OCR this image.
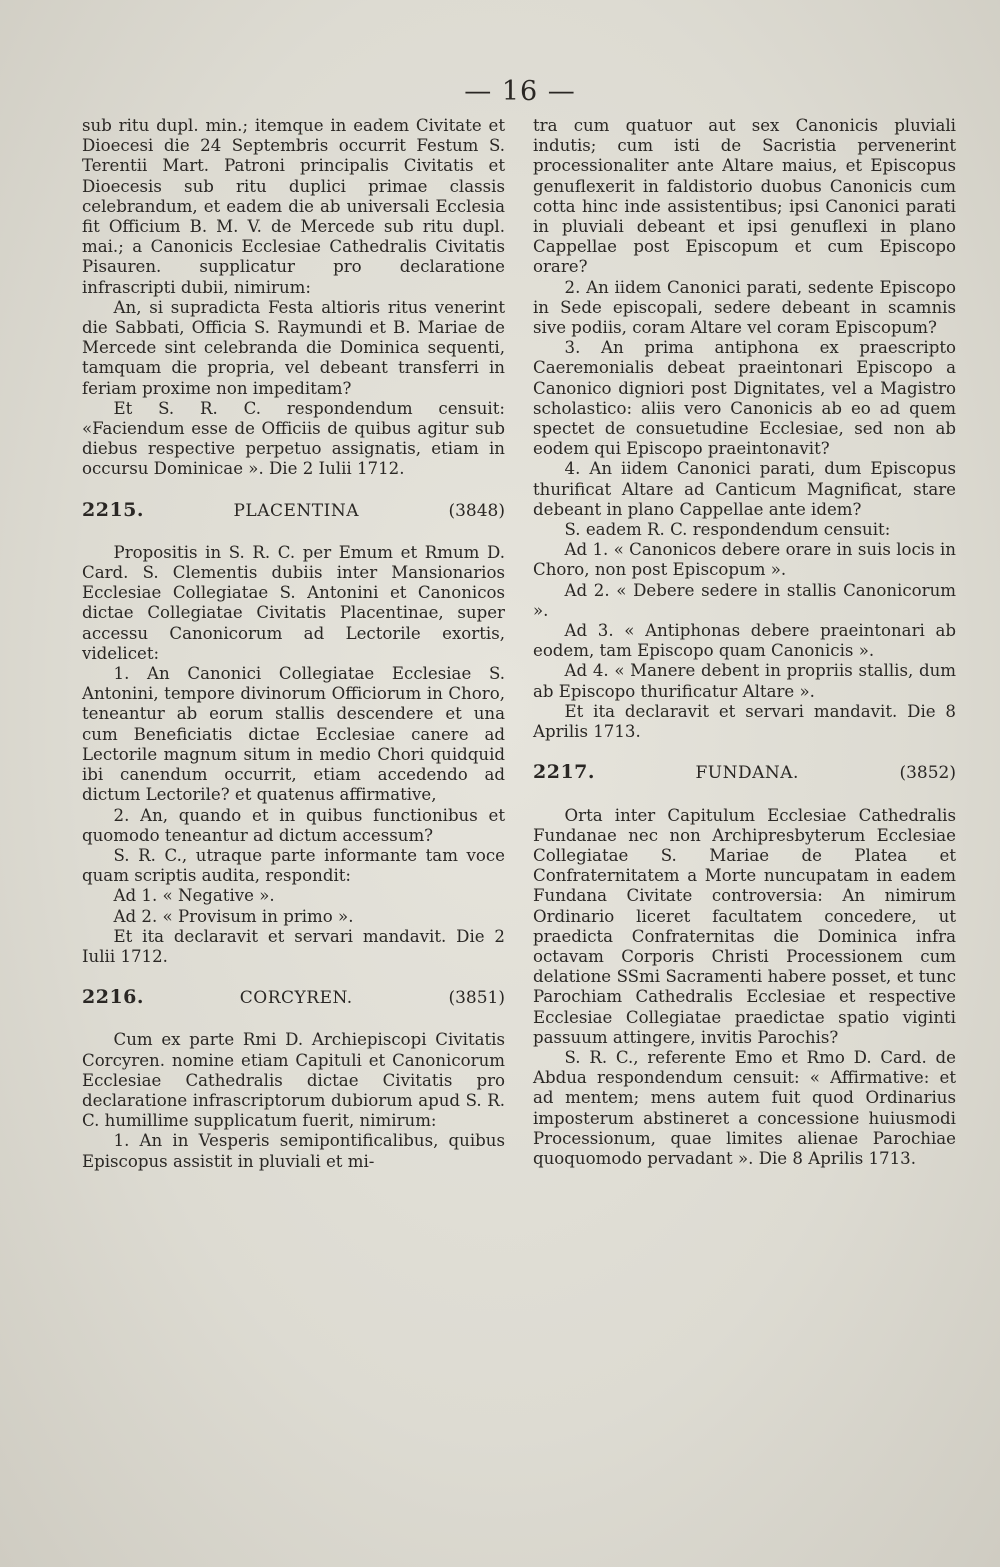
— 16 —

sub ritu dupl. min.; itemque in eadem Civitate et Dioecesi die 24 Septembris occurrit Festum S. Terentii Mart. Patroni principalis Civitatis et Dioecesis sub ritu duplici primae classis celebrandum, et eadem die ab universali Ecclesia fit Officium B. M. V. de Mercede sub ritu dupl. mai.; a Canonicis Ecclesiae Cathedralis Civitatis Pisauren. supplicatur pro declaratione infrascripti dubii, nimirum:

An, si supradicta Festa altioris ritus venerint die Sabbati, Officia S. Raymundi et B. Mariae de Mercede sint celebranda die Dominica sequenti, tamquam die propria, vel debeant transferri in feriam proxime non impeditam?

Et S. R. C. respondendum censuit: «Faciendum esse de Officiis de quibus agitur sub diebus respective perpetuo assignatis, etiam in occursu Dominicae ». Die 2 Iulii 1712.

2215.	PLACENTINA	(3848)

Propositis in S. R. C. per Emum et Rmum D. Card. S. Clementis dubiis inter Mansionarios Ecclesiae Collegiatae S. Antonini et Canonicos dictae Collegiatae Civitatis Placentinae, super accessu Canonicorum ad Lectorile exortis, videlicet:

1. An Canonici Collegiatae Ecclesiae S. Antonini, tempore divinorum Officiorum in Choro, teneantur ab eorum stallis descendere et una cum Beneficiatis dictae Ecclesiae canere ad Lectorile magnum situm in medio Chori quidquid ibi canendum occurrit, etiam accedendo ad dictum Lectorile? et quatenus affirmative,

2. An, quando et in quibus functionibus et quomodo teneantur ad dictum accessum?

S. R. C., utraque parte informante tam voce quam scriptis audita, respondit:

Ad 1. « Negative ».

Ad 2. « Provisum in primo ».

Et ita declaravit et servari mandavit. Die 2 Iulii 1712.

2216.	CORCYREN.	(3851)

Cum ex parte Rmi D. Archiepiscopi Civitatis Corcyren. nomine etiam Capituli et Canonicorum Ecclesiae Cathedralis dictae Civitatis pro declaratione infrascriptorum dubiorum apud S. R. C. humillime supplicatum fuerit, nimirum:

1. An in Vesperis semipontificalibus, quibus Episcopus assistit in pluviali et mi-

tra cum quatuor aut sex Canonicis pluviali indutis; cum isti de Sacristia pervenerint processionaliter ante Altare maius, et Episcopus genuflexerit in faldistorio duobus Canonicis cum cotta hinc inde assistentibus; ipsi Canonici parati in pluviali debeant et ipsi genuflexi in plano Cappellae post Episcopum et cum Episcopo orare?

2. An iidem Canonici parati, sedente Episcopo in Sede episcopali, sedere debeant in scamnis sive podiis, coram Altare vel coram Episcopum?

3. An prima antiphona ex praescripto Caeremonialis debeat praeintonari Episcopo a Canonico digniori post Dignitates, vel a Magistro scholastico: aliis vero Canonicis ab eo ad quem spectet de consuetudine Ecclesiae, sed non ab eodem qui Episcopo praeintonavit?

4. An iidem Canonici parati, dum Episcopus thurificat Altare ad Canticum Magnificat, stare debeant in plano Cappellae ante idem?

S. eadem R. C. respondendum censuit:

Ad 1. « Canonicos debere orare in suis locis in Choro, non post Episcopum ».

Ad 2. « Debere sedere in stallis Canonicorum ».

Ad 3. « Antiphonas debere praeintonari ab eodem, tam Episcopo quam Canonicis ».

Ad 4. « Manere debent in propriis stallis, dum ab Episcopo thurificatur Altare ».

Et ita declaravit et servari mandavit. Die 8 Aprilis 1713.

2217.	FUNDANA.	(3852)

Orta inter Capitulum Ecclesiae Cathedralis Fundanae nec non Archipresbyterum Ecclesiae Collegiatae S. Mariae de Platea et Confraternitatem a Morte nuncupatam in eadem Fundana Civitate controversia: An nimirum Ordinario liceret facultatem concedere, ut praedicta Confraternitas die Dominica infra octavam Corporis Christi Processionem cum delatione SSmi Sacramenti habere posset, et tunc Parochiam Cathedralis Ecclesiae et respective Ecclesiae Collegiatae praedictae spatio viginti passuum attingere, invitis Parochis?

S. R. C., referente Emo et Rmo D. Card. de Abdua respondendum censuit: « Affirmative: et ad mentem; mens autem fuit quod Ordinarius imposterum abstineret a concessione huiusmodi Processionum, quae limites alienae Parochiae quoquomodo pervadant ». Die 8 Aprilis 1713.
